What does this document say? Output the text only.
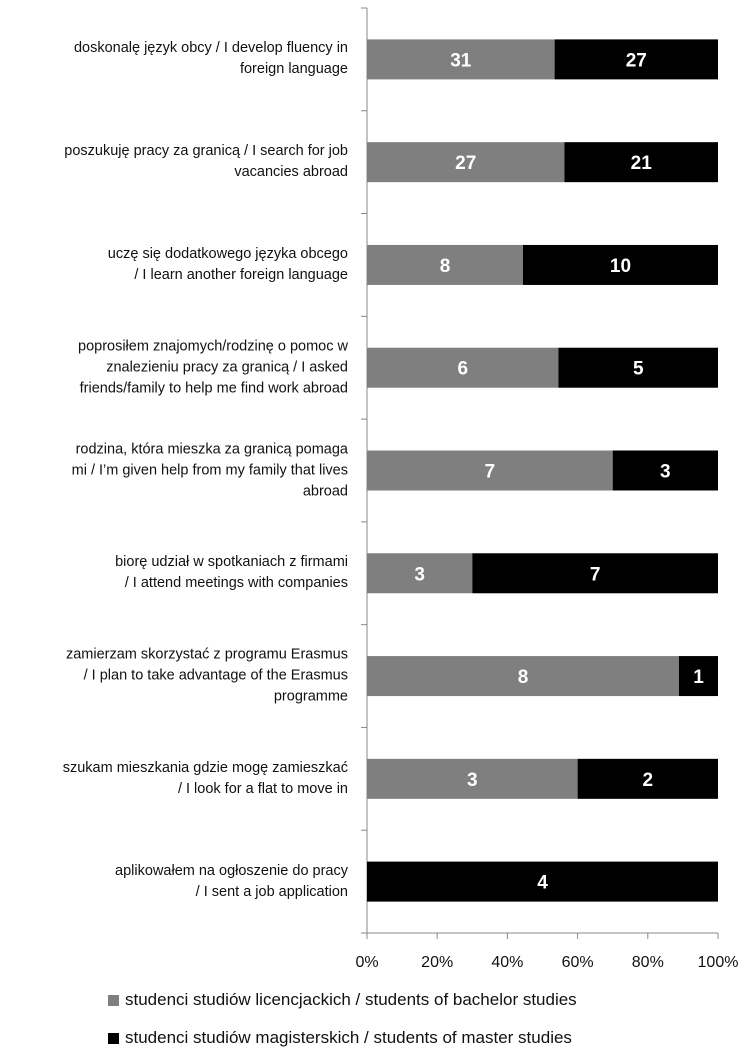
31	27
27	21
8	10
6	5
7	3
3	7
8	1
3	2
4
0%	20% 40% 60% 80% 100%
doskonalę język obcy / I develop fluency in
foreign language
poszukuję pracy za granicą / I search for job
vacancies abroad
uczę się dodatkowego języka obcego
/ I learn another foreign language
poprosiłem znajomych/rodzinę o pomoc w
znalezieniu pracy za granicą / I asked
friends/family to help me find work abroad
rodzina, która mieszka za granicą pomaga
mi / I’m given help from my family that lives
abroad
biorę udział w spotkaniach z firmami
/ I attend meetings with companies
zamierzam skorzystać z programu Erasmus
/ I plan to take advantage of the Erasmus
programme
szukam mieszkania gdzie mogę zamieszkać
/ I look for a flat to move in
aplikowałem na ogłoszenie do pracy
/ I sent a job application
studenci studiów licencjackich / students of bachelor studies
studenci studiów magisterskich / students of master studies
